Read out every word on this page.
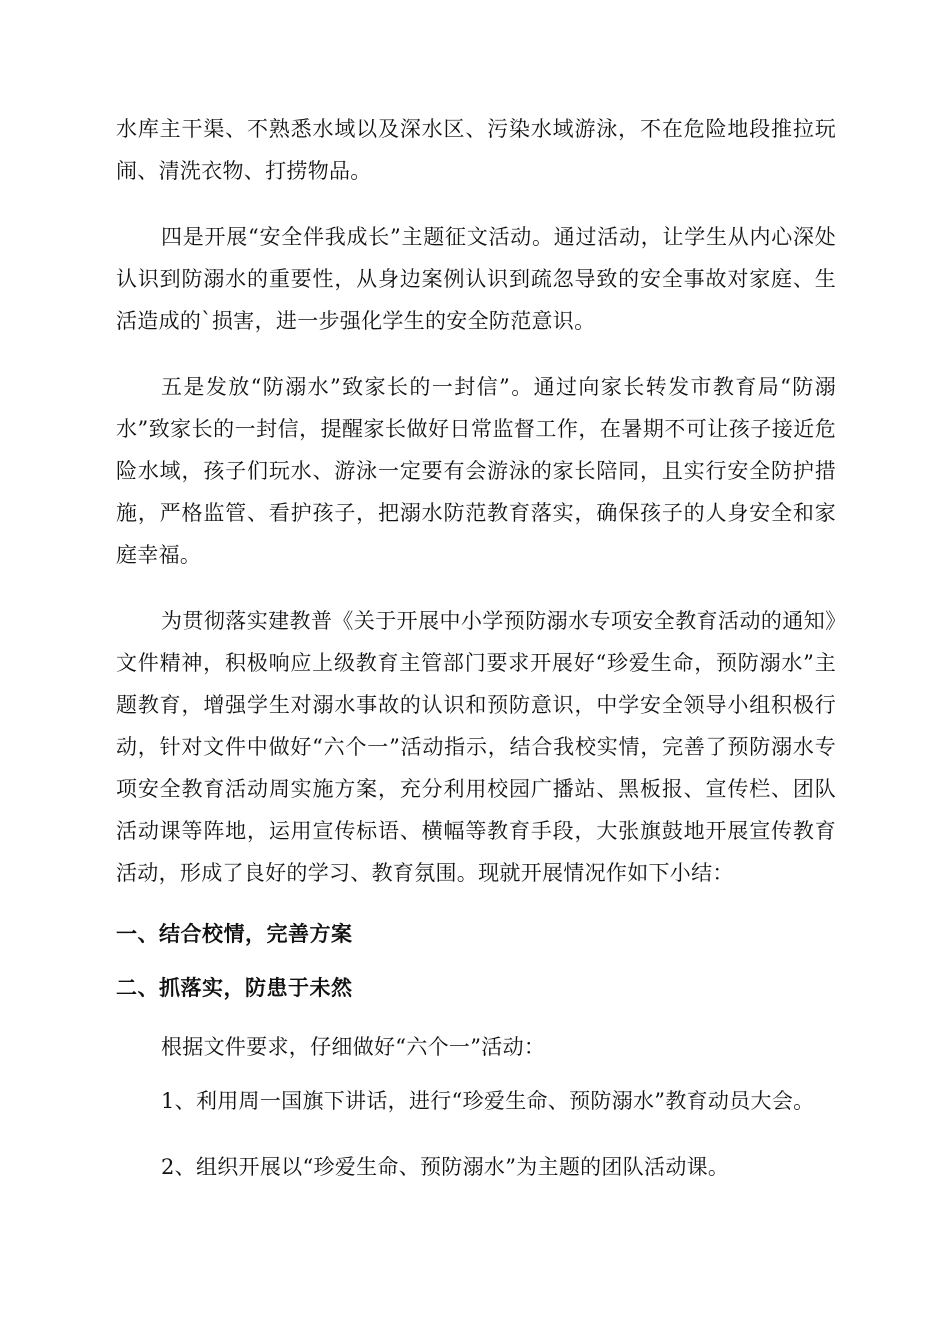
水库主干渠、不熟悉水域以及深水区、污染水域游泳，不在危险地段推拉玩闹、清洗衣物、打捞物品。

四是开展“安全伴我成长”主题征文活动。通过活动，让学生从内心深处认识到防溺水的重要性，从身边案例认识到疏忽导致的安全事故对家庭、生活造成的`损害，进一步强化学生的安全防范意识。

五是发放“防溺水”致家长的一封信”。通过向家长转发市教育局“防溺水”致家长的一封信，提醒家长做好日常监督工作，在暑期不可让孩子接近危险水域，孩子们玩水、游泳一定要有会游泳的家长陪同，且实行安全防护措施，严格监管、看护孩子，把溺水防范教育落实，确保孩子的人身安全和家庭幸福。

为贯彻落实建教普《关于开展中小学预防溺水专项安全教育活动的通知》文件精神，积极响应上级教育主管部门要求开展好“珍爱生命，预防溺水”主题教育，增强学生对溺水事故的认识和预防意识，中学安全领导小组积极行动，针对文件中做好“六个一”活动指示，结合我校实情，完善了预防溺水专项安全教育活动周实施方案，充分利用校园广播站、黑板报、宣传栏、团队活动课等阵地，运用宣传标语、横幅等教育手段，大张旗鼓地开展宣传教育活动，形成了良好的学习、教育氛围。现就开展情况作如下小结：

一、结合校情，完善方案

二、抓落实，防患于未然

根据文件要求，仔细做好“六个一”活动：

1、利用周一国旗下讲话，进行“珍爱生命、预防溺水”教育动员大会。

2、组织开展以“珍爱生命、预防溺水”为主题的团队活动课。
